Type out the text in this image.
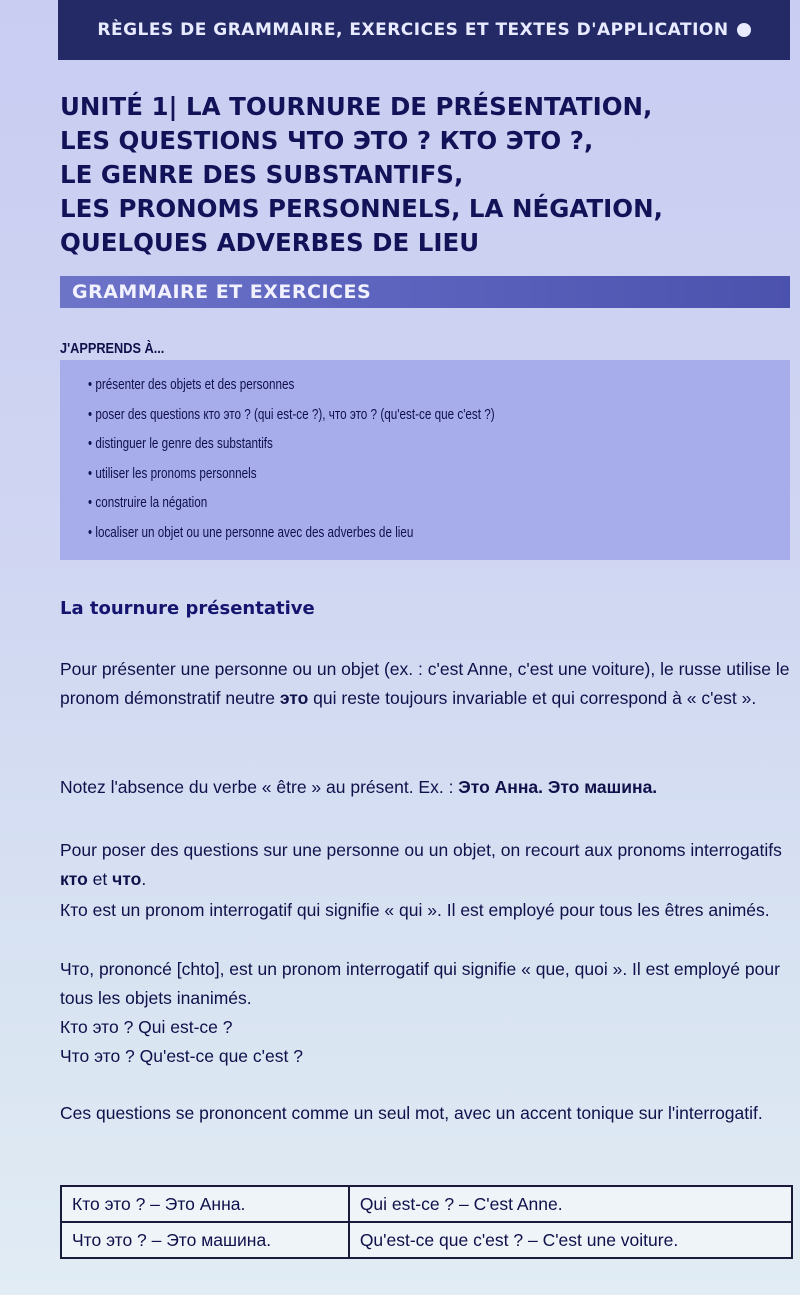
RÈGLES DE GRAMMAIRE, EXERCICES ET TEXTES D'APPLICATION
UNITÉ 1| LA TOURNURE DE PRÉSENTATION,
LES QUESTIONS ЧТО ЭТО ? КТО ЭТО ?,
LE GENRE DES SUBSTANTIFS,
LES PRONOMS PERSONNELS, LA NÉGATION,
QUELQUES ADVERBES DE LIEU
GRAMMAIRE ET EXERCICES
J'APPRENDS À...
• présenter des objets et des personnes
• poser des questions кто это ? (qui est-ce ?), что это ? (qu'est-ce que c'est ?)
• distinguer le genre des substantifs
• utiliser les pronoms personnels
• construire la négation
• localiser un objet ou une personne avec des adverbes de lieu
La tournure présentative

Pour présenter une personne ou un objet (ex. : c'est Anne, c'est une voiture), le russe utilise le pronom démonstratif neutre это qui reste toujours invariable et qui correspond à « c'est ».

Notez l'absence du verbe « être » au présent. Ex. : Это Анна. Это машина.

Pour poser des questions sur une personne ou un objet, on recourt aux pronoms interrogatifs кто et что.

Кто est un pronom interrogatif qui signifie « qui ». Il est employé pour tous les êtres animés.

Что, prononcé [chto], est un pronom interrogatif qui signifie « que, quoi ». Il est employé pour tous les objets inanimés.

Кто это ? Qui est-ce ?

Что это ? Qu'est-ce que c'est ?

Ces questions se prononcent comme un seul mot, avec un accent tonique sur l'interrogatif.

Кто это ? – Это Анна.	Qui est-ce ? – C'est Anne.
Что это ? – Это машина.	Qu'est-ce que c'est ? – C'est une voiture.
